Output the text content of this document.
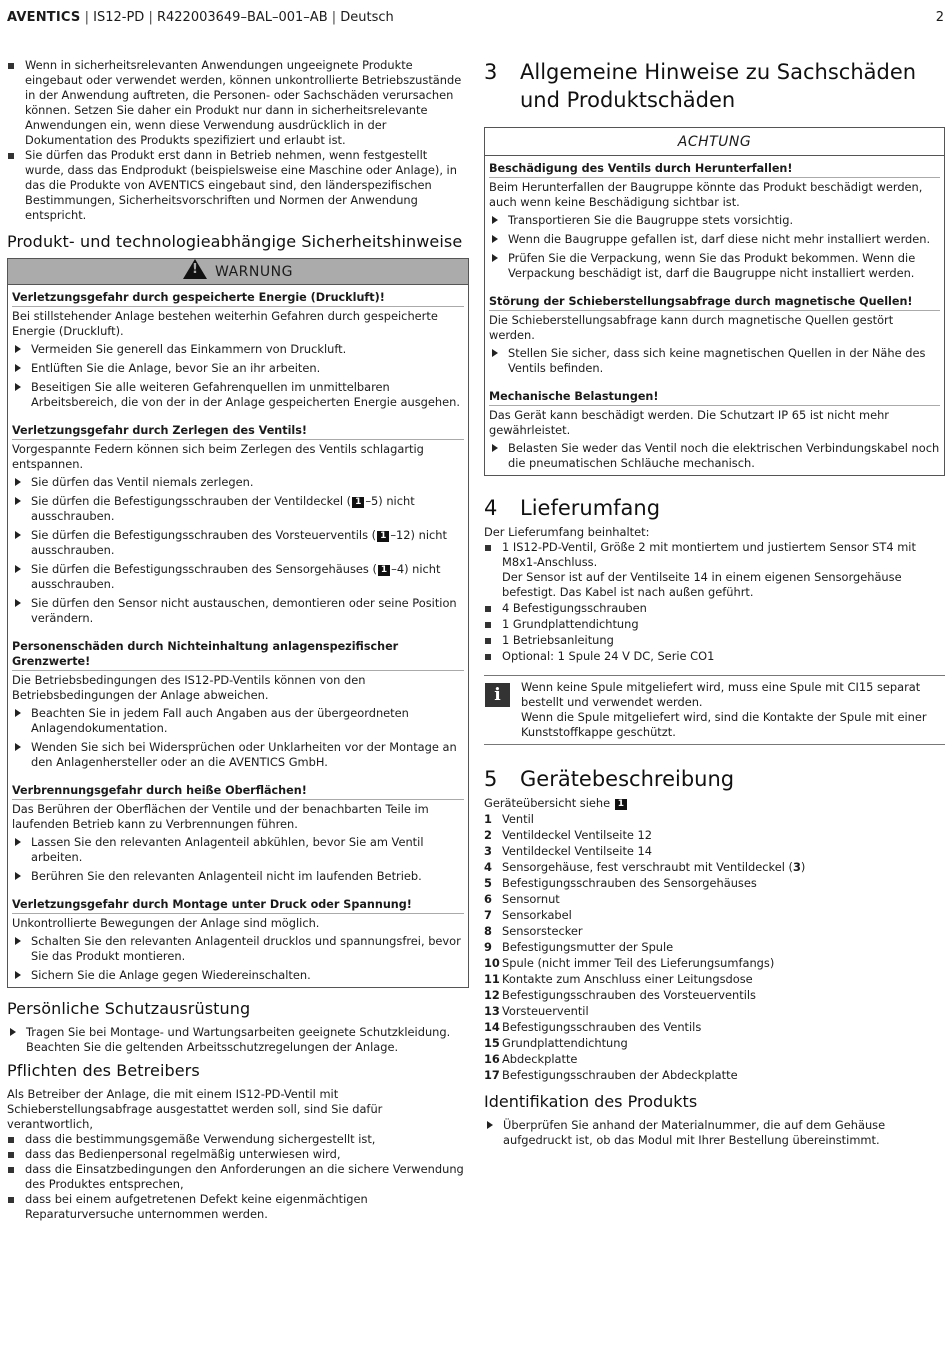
AVENTICS | IS12-PD | R422003649–BAL–001–AB | Deutsch	2
Wenn in sicherheitsrelevanten Anwendungen ungeeignete Produkte eingebaut oder verwendet werden, können unkontrollierte Betriebszustände in der Anwendung auftreten, die Personen- oder Sachschäden verursachen können. Setzen Sie daher ein Produkt nur dann in sicherheitsrelevante Anwendungen ein, wenn diese Verwendung ausdrücklich in der Dokumentation des Produkts spezifiziert und erlaubt ist.
Sie dürfen das Produkt erst dann in Betrieb nehmen, wenn festgestellt wurde, dass das Endprodukt (beispielsweise eine Maschine oder Anlage), in das die Produkte von AVENTICS eingebaut sind, den länderspezifischen Bestimmungen, Sicherheitsvorschriften und Normen der Anwendung entspricht.
Produkt- und technologieabhängige Sicherheitshinweise
!WARNUNG
Verletzungsgefahr durch gespeicherte Energie (Druckluft)!

Bei stillstehender Anlage bestehen weiterhin Gefahren durch gespeicherte Energie (Druckluft).

Vermeiden Sie generell das Einkammern von Druckluft.
Entlüften Sie die Anlage, bevor Sie an ihr arbeiten.
Beseitigen Sie alle weiteren Gefahrenquellen im unmittelbaren Arbeitsbereich, die von der in der Anlage gespeicherten Energie ausgehen.
Verletzungsgefahr durch Zerlegen des Ventils!

Vorgespannte Federn können sich beim Zerlegen des Ventils schlagartig entspannen.

Sie dürfen das Ventil niemals zerlegen.
Sie dürfen die Befestigungsschrauben der Ventildeckel ( 1 –5) nicht ausschrauben.
Sie dürfen die Befestigungsschrauben des Vorsteuerventils ( 1 –12) nicht ausschrauben.
Sie dürfen die Befestigungsschrauben des Sensorgehäuses ( 1 –4) nicht ausschrauben.
Sie dürfen den Sensor nicht austauschen, demontieren oder seine Position verändern.
Personenschäden durch Nichteinhaltung anlagenspezifischer Grenzwerte!

Die Betriebsbedingungen des IS12-PD-Ventils können von den Betriebsbedingungen der Anlage abweichen.

Beachten Sie in jedem Fall auch Angaben aus der übergeordneten Anlagendokumentation.
Wenden Sie sich bei Widersprüchen oder Unklarheiten vor der Montage an den Anlagenhersteller oder an die AVENTICS GmbH.
Verbrennungsgefahr durch heiße Oberflächen!

Das Berühren der Oberflächen der Ventile und der benachbarten Teile im laufenden Betrieb kann zu Verbrennungen führen.

Lassen Sie den relevanten Anlagenteil abkühlen, bevor Sie am Ventil arbeiten.
Berühren Sie den relevanten Anlagenteil nicht im laufenden Betrieb.
Verletzungsgefahr durch Montage unter Druck oder Spannung!

Unkontrollierte Bewegungen der Anlage sind möglich.

Schalten Sie den relevanten Anlagenteil drucklos und spannungsfrei, bevor Sie das Produkt montieren.
Sichern Sie die Anlage gegen Wiedereinschalten.
Persönliche Schutzausrüstung
Tragen Sie bei Montage- und Wartungsarbeiten geeignete Schutzkleidung. Beachten Sie die geltenden Arbeitsschutzregelungen der Anlage.
Pflichten des Betreibers

Als Betreiber der Anlage, die mit einem IS12-PD-Ventil mit Schieberstellungsabfrage ausgestattet werden soll, sind Sie dafür verantwortlich,

dass die bestimmungsgemäße Verwendung sichergestellt ist,
dass das Bedienpersonal regelmäßig unterwiesen wird,
dass die Einsatzbedingungen den Anforderungen an die sichere Verwendung des Produktes entsprechen,
dass bei einem aufgetretenen Defekt keine eigenmächtigen Reparaturversuche unternommen werden.
3 Allgemeine Hinweise zu Sachschäden und Produktschäden
ACHTUNG
Beschädigung des Ventils durch Herunterfallen!

Beim Herunterfallen der Baugruppe könnte das Produkt beschädigt werden, auch wenn keine Beschädigung sichtbar ist.

Transportieren Sie die Baugruppe stets vorsichtig.
Wenn die Baugruppe gefallen ist, darf diese nicht mehr installiert werden.
Prüfen Sie die Verpackung, wenn Sie das Produkt bekommen. Wenn die Verpackung beschädigt ist, darf die Baugruppe nicht installiert werden.
Störung der Schieberstellungsabfrage durch magnetische Quellen!

Die Schieberstellungsabfrage kann durch magnetische Quellen gestört werden.

Stellen Sie sicher, dass sich keine magnetischen Quellen in der Nähe des Ventils befinden.
Mechanische Belastungen!

Das Gerät kann beschädigt werden. Die Schutzart IP 65 ist nicht mehr gewährleistet.

Belasten Sie weder das Ventil noch die elektrischen Verbindungskabel noch die pneumatischen Schläuche mechanisch.
4 Lieferumfang

Der Lieferumfang beinhaltet:

1 IS12-PD-Ventil, Größe 2 mit montiertem und justiertem Sensor ST4 mit M8x1-Anschluss.
Der Sensor ist auf der Ventilseite 14 in einem eigenen Sensorgehäuse befestigt. Das Kabel ist nach außen geführt.
4 Befestigungsschrauben
1 Grundplattendichtung
1 Betriebsanleitung
Optional: 1 Spule 24 V DC, Serie CO1
i	Wenn keine Spule mitgeliefert wird, muss eine Spule mit CI15 separat bestellt und verwendet werden.

Wenn die Spule mitgeliefert wird, sind die Kontakte der Spule mit einer Kunststoffkappe geschützt.

5 Gerätebeschreibung

Geräteübersicht siehe 1

1 Ventil
2 Ventildeckel Ventilseite 12
3 Ventildeckel Ventilseite 14
4 Sensorgehäuse, fest verschraubt mit Ventildeckel (3)
5 Befestigungsschrauben des Sensorgehäuses
6 Sensornut
7 Sensorkabel
8 Sensorstecker
9 Befestigungsmutter der Spule
10 Spule (nicht immer Teil des Lieferungsumfangs)
11 Kontakte zum Anschluss einer Leitungsdose
12 Befestigungsschrauben des Vorsteuerventils
13 Vorsteuerventil
14 Befestigungsschrauben des Ventils
15 Grundplattendichtung
16 Abdeckplatte
17 Befestigungsschrauben der Abdeckplatte
Identifikation des Produkts
Überprüfen Sie anhand der Materialnummer, die auf dem Gehäuse aufgedruckt ist, ob das Modul mit Ihrer Bestellung übereinstimmt.
